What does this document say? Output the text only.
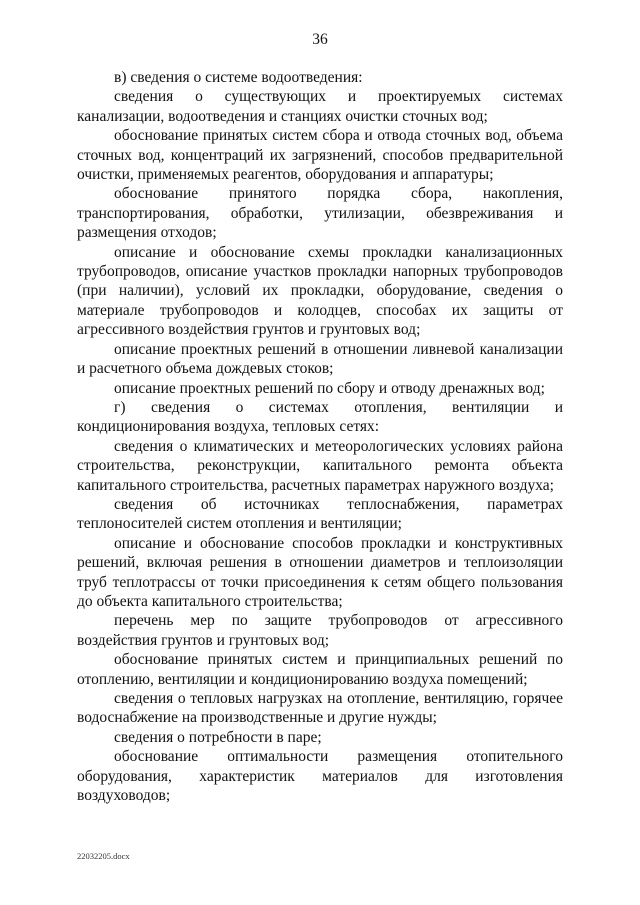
36

в) сведения о системе водоотведения:

сведения о существующих и проектируемых системах канализации, водоотведения и станциях очистки сточных вод;

обоснование принятых систем сбора и отвода сточных вод, объема сточных вод, концентраций их загрязнений, способов предварительной очистки, применяемых реагентов, оборудования и аппаратуры;

обоснование принятого порядка сбора, накопления, транспортирования, обработки, утилизации, обезвреживания и размещения отходов;

описание и обоснование схемы прокладки канализационных трубопроводов, описание участков прокладки напорных трубопроводов (при наличии), условий их прокладки, оборудование, сведения о материале трубопроводов и колодцев, способах их защиты от агрессивного воздействия грунтов и грунтовых вод;

описание проектных решений в отношении ливневой канализации и расчетного объема дождевых стоков;

описание проектных решений по сбору и отводу дренажных вод;

г) сведения о системах отопления, вентиляции и кондиционирования воздуха, тепловых сетях:

сведения о климатических и метеорологических условиях района строительства, реконструкции, капитального ремонта объекта капитального строительства, расчетных параметрах наружного воздуха;

сведения об источниках теплоснабжения, параметрах теплоносителей систем отопления и вентиляции;

описание и обоснование способов прокладки и конструктивных решений, включая решения в отношении диаметров и теплоизоляции труб теплотрассы от точки присоединения к сетям общего пользования до объекта капитального строительства;

перечень мер по защите трубопроводов от агрессивного воздействия грунтов и грунтовых вод;

обоснование принятых систем и принципиальных решений по отоплению, вентиляции и кондиционированию воздуха помещений;

сведения о тепловых нагрузках на отопление, вентиляцию, горячее водоснабжение на производственные и другие нужды;

сведения о потребности в паре;

обоснование оптимальности размещения отопительного оборудования, характеристик материалов для изготовления воздуховодов;

22032205.docx
